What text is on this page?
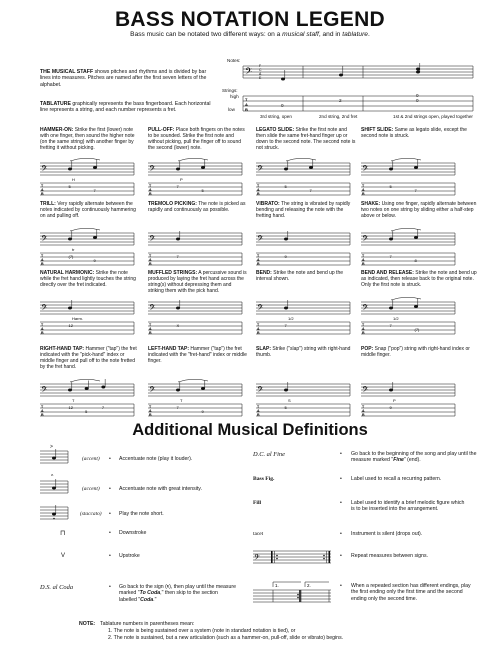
BASS NOTATION LEGEND
Bass music can be notated two different ways: on a musical staff, and in tablature.
THE MUSICAL STAFF shows pitches and rhythms and is divided by bar lines into measures. Pitches are named after the first seven letters of the alphabet.
TABLATURE graphically represents the bass fingerboard. Each horizontal line represents a string, and each number represents a fret.
Notes:
Strings:
high
low
𝄢 F
C
A
E
T
A
B
0
2
0
0
3rd string, open	2nd string, 2nd fret	1st & 2nd strings open, played together
HAMMER-ON: Strike the first (lower) note with one finger, then sound the higher note (on the same string) with another finger by fretting it without picking.
𝄢
T
A
B
5
7
H
PULL-OFF: Place both fingers on the notes to be sounded. Strike the first note and without picking, pull the finger off to sound the second (lower) note.
𝄢
T
A
B
7
5
P
LEGATO SLIDE: Strike the first note and then slide the same fret-hand finger up or down to the second note. The second note is not struck.
𝄢
T
A
B
5
7
SHIFT SLIDE: Same as legato slide, except the second note is struck.
𝄢
T
A
B
5
7
TRILL: Very rapidly alternate between the notes indicated by continuously hammering on and pulling off.
𝄢
T
A
B
(7)
9
tr
TREMOLO PICKING: The note is picked as rapidly and continuously as possible.
𝄢
T
A
B
7
VIBRATO: The string is vibrated by rapidly bending and releasing the note with the fretting hand.
𝄢
T
A
B
9
SHAKE: Using one finger, rapidly alternate between two notes on one string by sliding either a half-step above or below.
𝄢
T
A
B
7
8
NATURAL HARMONIC: Strike the note while the fret hand lightly touches the string directly over the fret indicated.
𝄢
T
A
B
12
Harm.
MUFFLED STRINGS: A percussive sound is produced by laying the fret hand across the string(s) without depressing them and striking them with the pick hand.
𝄢
T
A
B
X
BEND: Strike the note and bend up the interval shown.
𝄢
T
A
B
7
1/2
BEND AND RELEASE: Strike the note and bend up as indicated, then release back to the original note. Only the first note is struck.
𝄢
T
A
B
7
(7)
1/2
RIGHT-HAND TAP: Hammer ("tap") the fret indicated with the "pick-hand" index or middle finger and pull off to the note fretted by the fret hand.
𝄢
T
A
B
12
5
7
T
LEFT-HAND TAP: Hammer ("tap") the fret indicated with the "fret-hand" index or middle finger.
𝄢
T
A
B
7
9
T
SLAP: Strike ("slap") string with right-hand thumb.
𝄢
T
A
B
5
S
POP: Snap ("pop") string with right-hand index or middle finger.
𝄢
T
A
B
9
P
Additional Musical Definitions
>
(accent) • Accentuate note (play it louder).
^
(accent) • Accentuate note with great intensity.
(staccato) • Play the note short.
⊓	• Downstroke
V	• Upstroke
D.S. al Coda	• Go back to the sign (𝄋), then play until the measure marked "To Coda," then skip to the section labelled "Coda."
D.C. al Fine	• Go back to the beginning of the song and play until the measure marked "Fine" (end).
Bass Fig.	• Label used to recall a recurring pattern.
Fill	• Label used to identify a brief melodic figure which is to be inserted into the arrangement.
tacet	• Instrument is silent (drops out).
𝄢	• Repeat measures between signs.
1.	2.	• When a repeated section has different endings, play the first ending only the first time and the second ending only the second time.
NOTE: Tablature numbers in parentheses mean:
1. The note is being sustained over a system (note in standard notation is tied), or
2. The note is sustained, but a new articulation (such as a hammer-on, pull-off, slide or vibrato) begins.
